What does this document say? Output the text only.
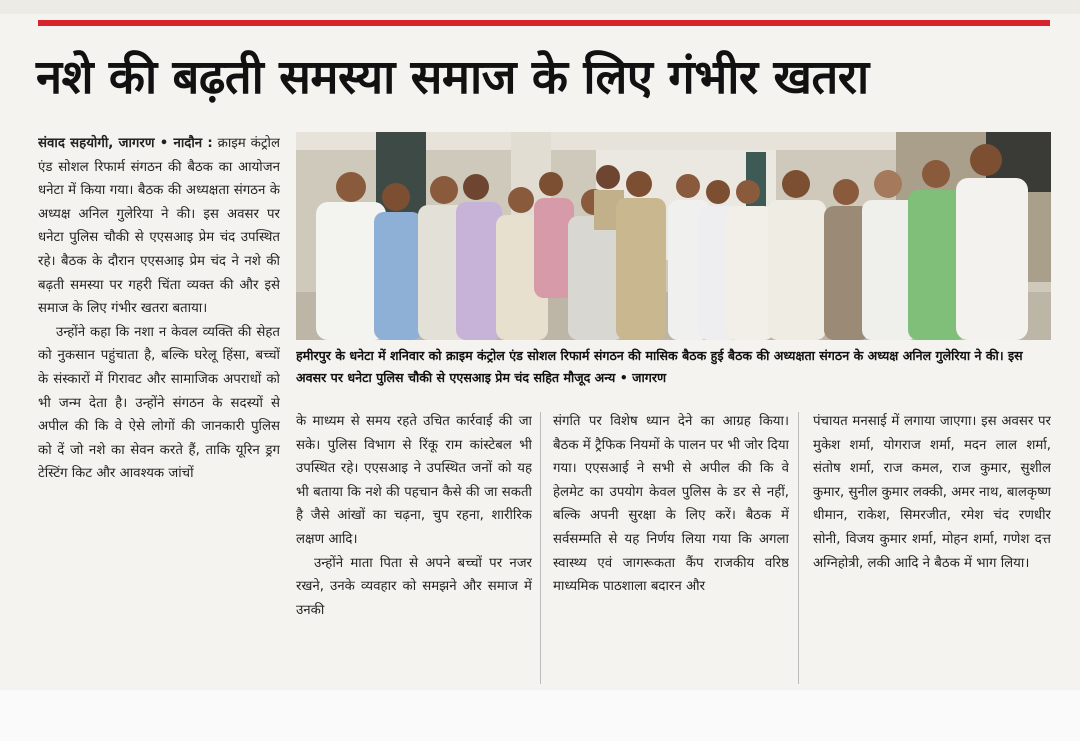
नशे की बढ़ती समस्या समाज के लिए गंभीर खतरा

संवाद सहयोगी, जागरण • नादौन : क्राइम कंट्रोल एंड सोशल रिफार्म संगठन की बैठक का आयोजन धनेटा में किया गया। बैठक की अध्यक्षता संगठन के अध्यक्ष अनिल गुलेरिया ने की। इस अवसर पर धनेटा पुलिस चौकी से एएसआइ प्रेम चंद उपस्थित रहे। बैठक के दौरान एएसआइ प्रेम चंद ने नशे की बढ़ती समस्या पर गहरी चिंता व्यक्त की और इसे समाज के लिए गंभीर खतरा बताया।

उन्होंने कहा कि नशा न केवल व्यक्ति की सेहत को नुकसान पहुंचाता है, बल्कि घरेलू हिंसा, बच्चों के संस्कारों में गिरावट और सामाजिक अपराधों को भी जन्म देता है। उन्होंने संगठन के सदस्यों से अपील की कि वे ऐसे लोगों की जानकारी पुलिस को दें जो नशे का सेवन करते हैं, ताकि यूरिन ड्रग टेस्टिंग किट और आवश्यक जांचों

हमीरपुर के धनेटा में शनिवार को क्राइम कंट्रोल एंड सोशल रिफार्म संगठन की मासिक बैठक हुई बैठक की अध्यक्षता संगठन के अध्यक्ष अनिल गुलेरिया ने की। इस अवसर पर धनेटा पुलिस चौकी से एएसआइ प्रेम चंद सहित मौजूद अन्य • जागरण

के माध्यम से समय रहते उचित कार्रवाई की जा सके। पुलिस विभाग से रिंकू राम कांस्टेबल भी उपस्थित रहे। एएसआइ ने उपस्थित जनों को यह भी बताया कि नशे की पहचान कैसे की जा सकती है जैसे आंखों का चढ़ना, चुप रहना, शारीरिक लक्षण आदि।

उन्होंने माता पिता से अपने बच्चों पर नजर रखने, उनके व्यवहार को समझने और समाज में उनकी

संगति पर विशेष ध्यान देने का आग्रह किया। बैठक में ट्रैफिक नियमों के पालन पर भी जोर दिया गया। एएसआई ने सभी से अपील की कि वे हेलमेट का उपयोग केवल पुलिस के डर से नहीं, बल्कि अपनी सुरक्षा के लिए करें। बैठक में सर्वसम्मति से यह निर्णय लिया गया कि अगला स्वास्थ्य एवं जागरूकता कैंप राजकीय वरिष्ठ माध्यमिक पाठशाला बदारन और

पंचायत मनसाई में लगाया जाएगा। इस अवसर पर मुकेश शर्मा, योगराज शर्मा, मदन लाल शर्मा, संतोष शर्मा, राज कमल, राज कुमार, सुशील कुमार, सुनील कुमार लक्की, अमर नाथ, बालकृष्ण धीमान, राकेश, सिमरजीत, रमेश चंद रणधीर सोनी, विजय कुमार शर्मा, मोहन शर्मा, गणेश दत्त अग्निहोत्री, लकी आदि ने बैठक में भाग लिया।
